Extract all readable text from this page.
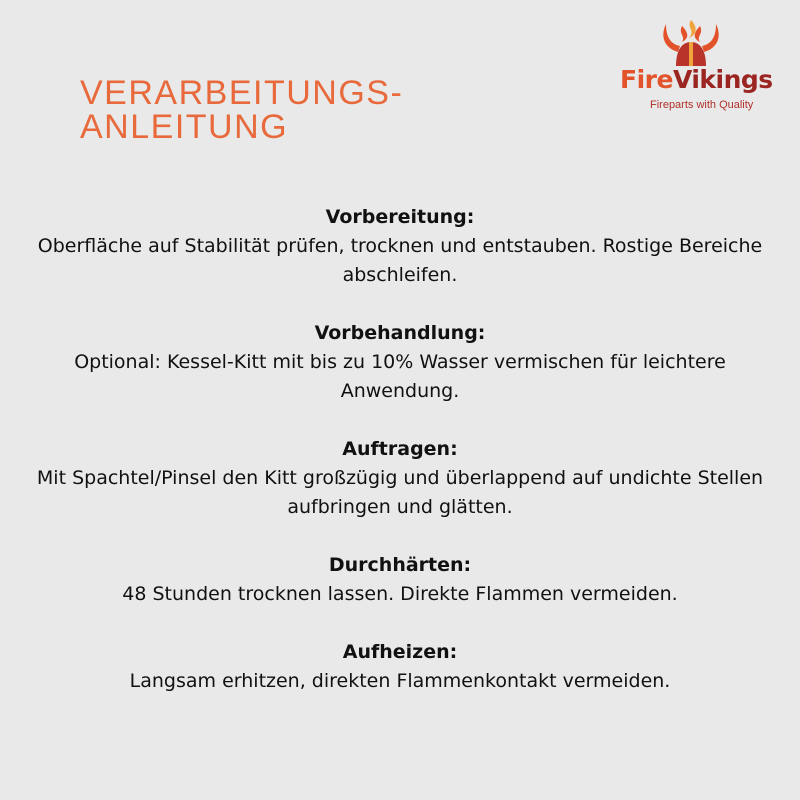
VERARBEITUNGS-
ANLEITUNG
FireVikings
Fireparts with Quality
Vorbereitung:

Oberfläche auf Stabilität prüfen, trocknen und entstauben. Rostige Bereiche abschleifen.

Vorbehandlung:

Optional: Kessel-Kitt mit bis zu 10% Wasser vermischen für leichtere Anwendung.

Auftragen:

Mit Spachtel/Pinsel den Kitt großzügig und überlappend auf undichte Stellen aufbringen und glätten.

Durchhärten:

48 Stunden trocknen lassen. Direkte Flammen vermeiden.

Aufheizen:

Langsam erhitzen, direkten Flammenkontakt vermeiden.
